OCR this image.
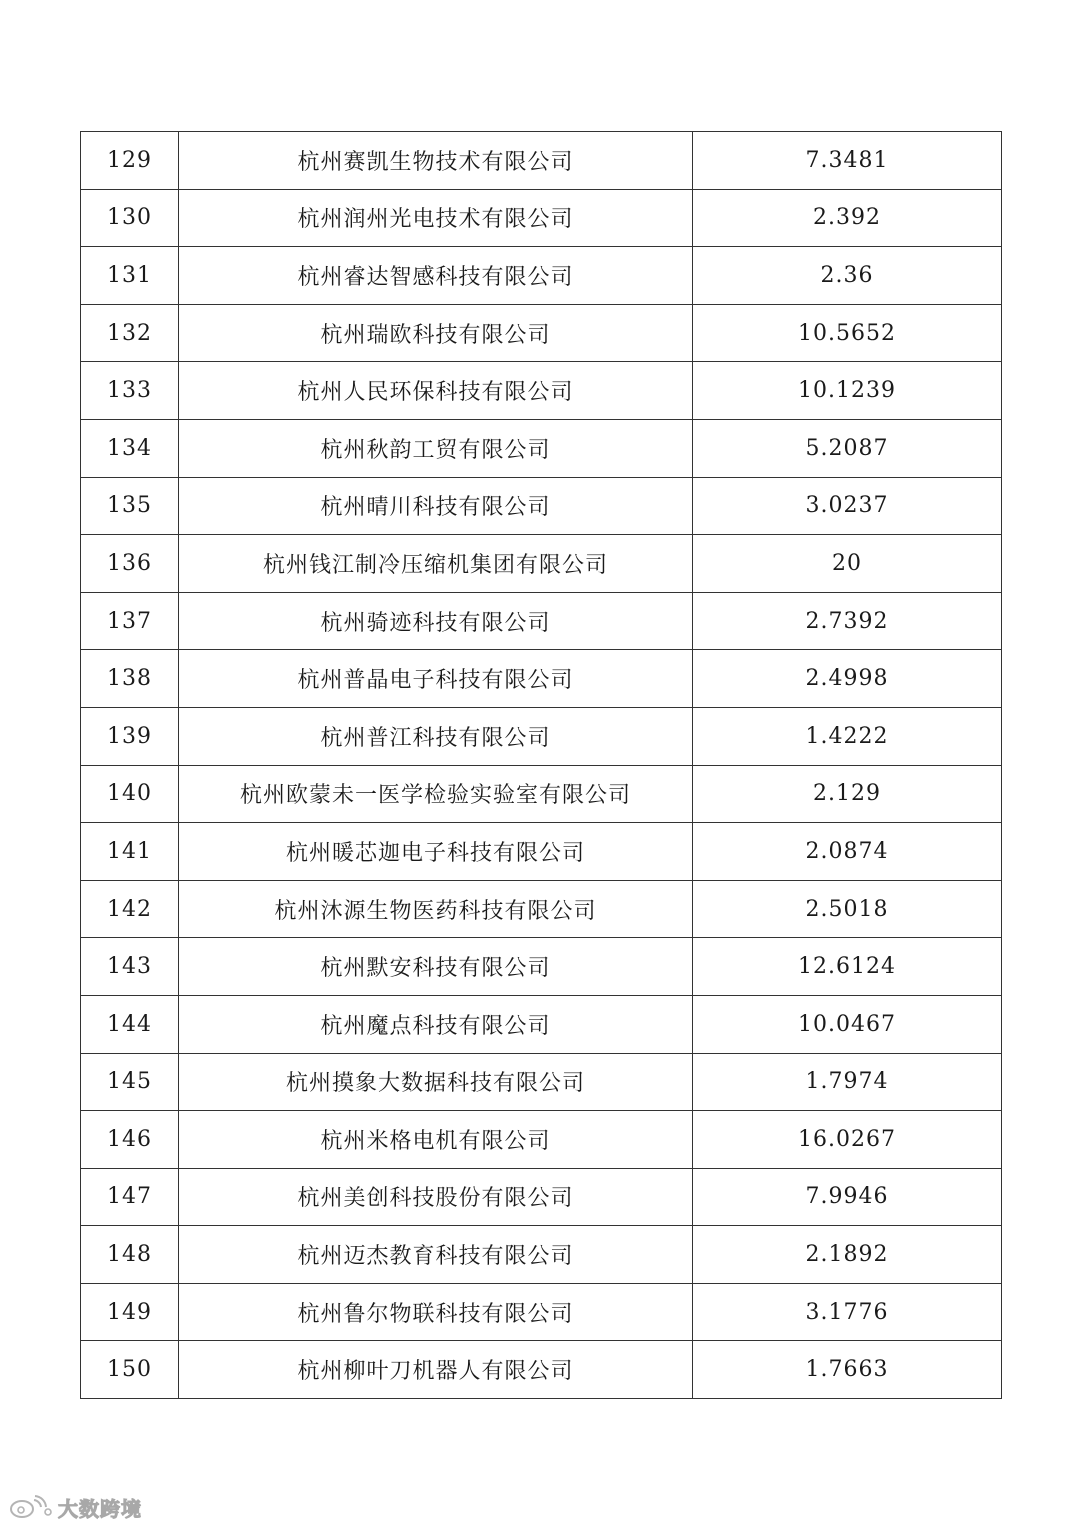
129	杭州赛凯生物技术有限公司	7.3481
130	杭州润州光电技术有限公司	2.392
131	杭州睿达智感科技有限公司	2.36
132	杭州瑞欧科技有限公司	10.5652
133	杭州人民环保科技有限公司	10.1239
134	杭州秋韵工贸有限公司	5.2087
135	杭州晴川科技有限公司	3.0237
136	杭州钱江制冷压缩机集团有限公司	20
137	杭州骑迹科技有限公司	2.7392
138	杭州普晶电子科技有限公司	2.4998
139	杭州普江科技有限公司	1.4222
140	杭州欧蒙未一医学检验实验室有限公司	2.129
141	杭州暖芯迦电子科技有限公司	2.0874
142	杭州沐源生物医药科技有限公司	2.5018
143	杭州默安科技有限公司	12.6124
144	杭州魔点科技有限公司	10.0467
145	杭州摸象大数据科技有限公司	1.7974
146	杭州米格电机有限公司	16.0267
147	杭州美创科技股份有限公司	7.9946
148	杭州迈杰教育科技有限公司	2.1892
149	杭州鲁尔物联科技有限公司	3.1776
150	杭州柳叶刀机器人有限公司	1.7663
大数跨境
